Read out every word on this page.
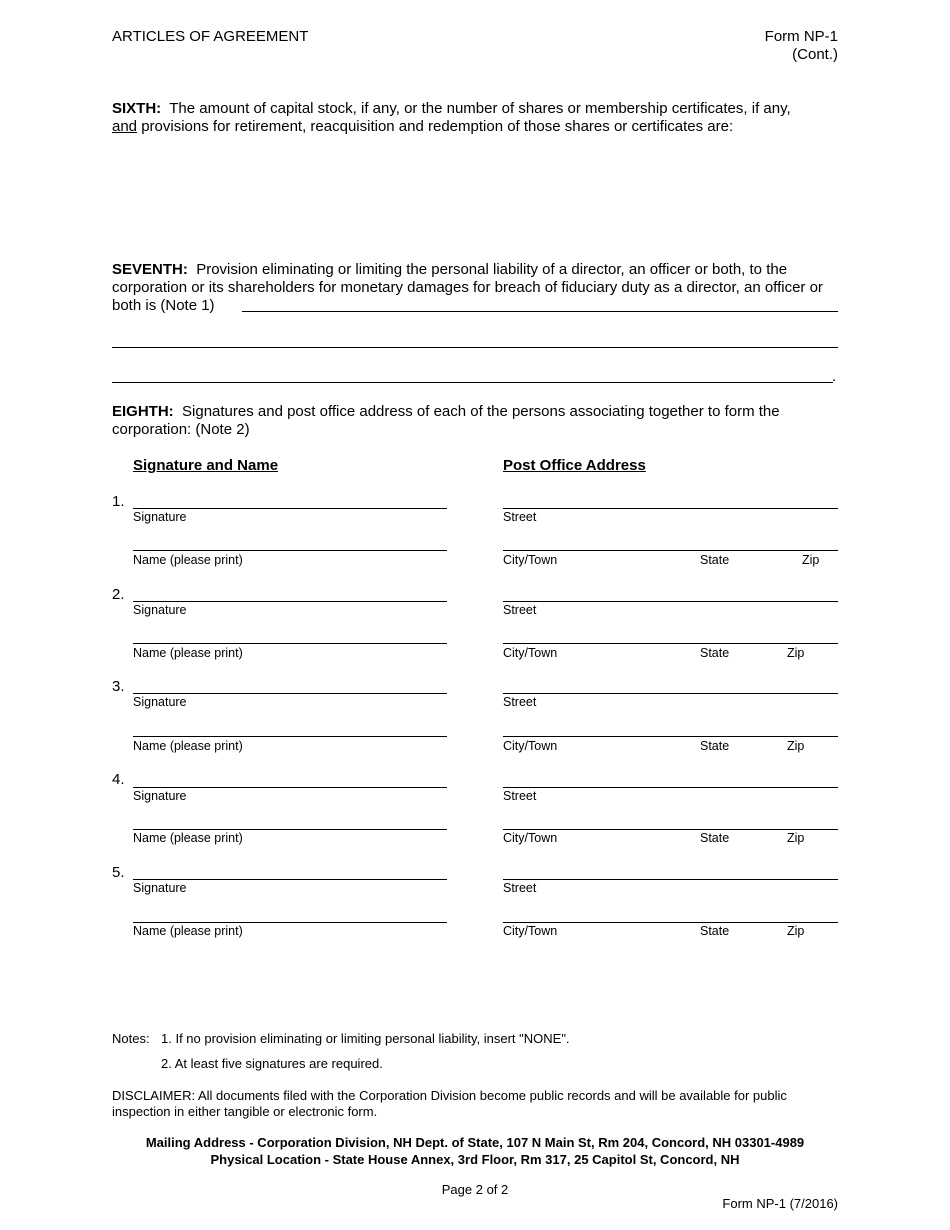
ARTICLES OF AGREEMENT	Form NP-1
(Cont.)
SIXTH: The amount of capital stock, if any, or the number of shares or membership certificates, if any,
and provisions for retirement, reacquisition and redemption of those shares or certificates are:
SEVENTH: Provision eliminating or limiting the personal liability of a director, an officer or both, to the corporation or its shareholders for monetary damages for breach of fiduciary duty as a director, an officer or both is (Note 1)
.
EIGHTH: Signatures and post office address of each of the persons associating together to form the corporation: (Note 2)
Signature and Name	Post Office Address
1.
Signature	Street
Name (please print)	City/Town	State	Zip
2.
Signature	Street
Name (please print)	City/Town	State	Zip
3.
Signature	Street
Name (please print)	City/Town	State	Zip
4.
Signature	Street
Name (please print)	City/Town	State	Zip
5.
Signature	Street
Name (please print)	City/Town	State	Zip
Notes: 1. If no provision eliminating or limiting personal liability, insert "NONE".
2. At least five signatures are required.
DISCLAIMER: All documents filed with the Corporation Division become public records and will be available for public inspection in either tangible or electronic form.
Mailing Address - Corporation Division, NH Dept. of State, 107 N Main St, Rm 204, Concord, NH 03301-4989
Physical Location - State House Annex, 3rd Floor, Rm 317, 25 Capitol St, Concord, NH
Page 2 of 2
Form NP-1 (7/2016)
